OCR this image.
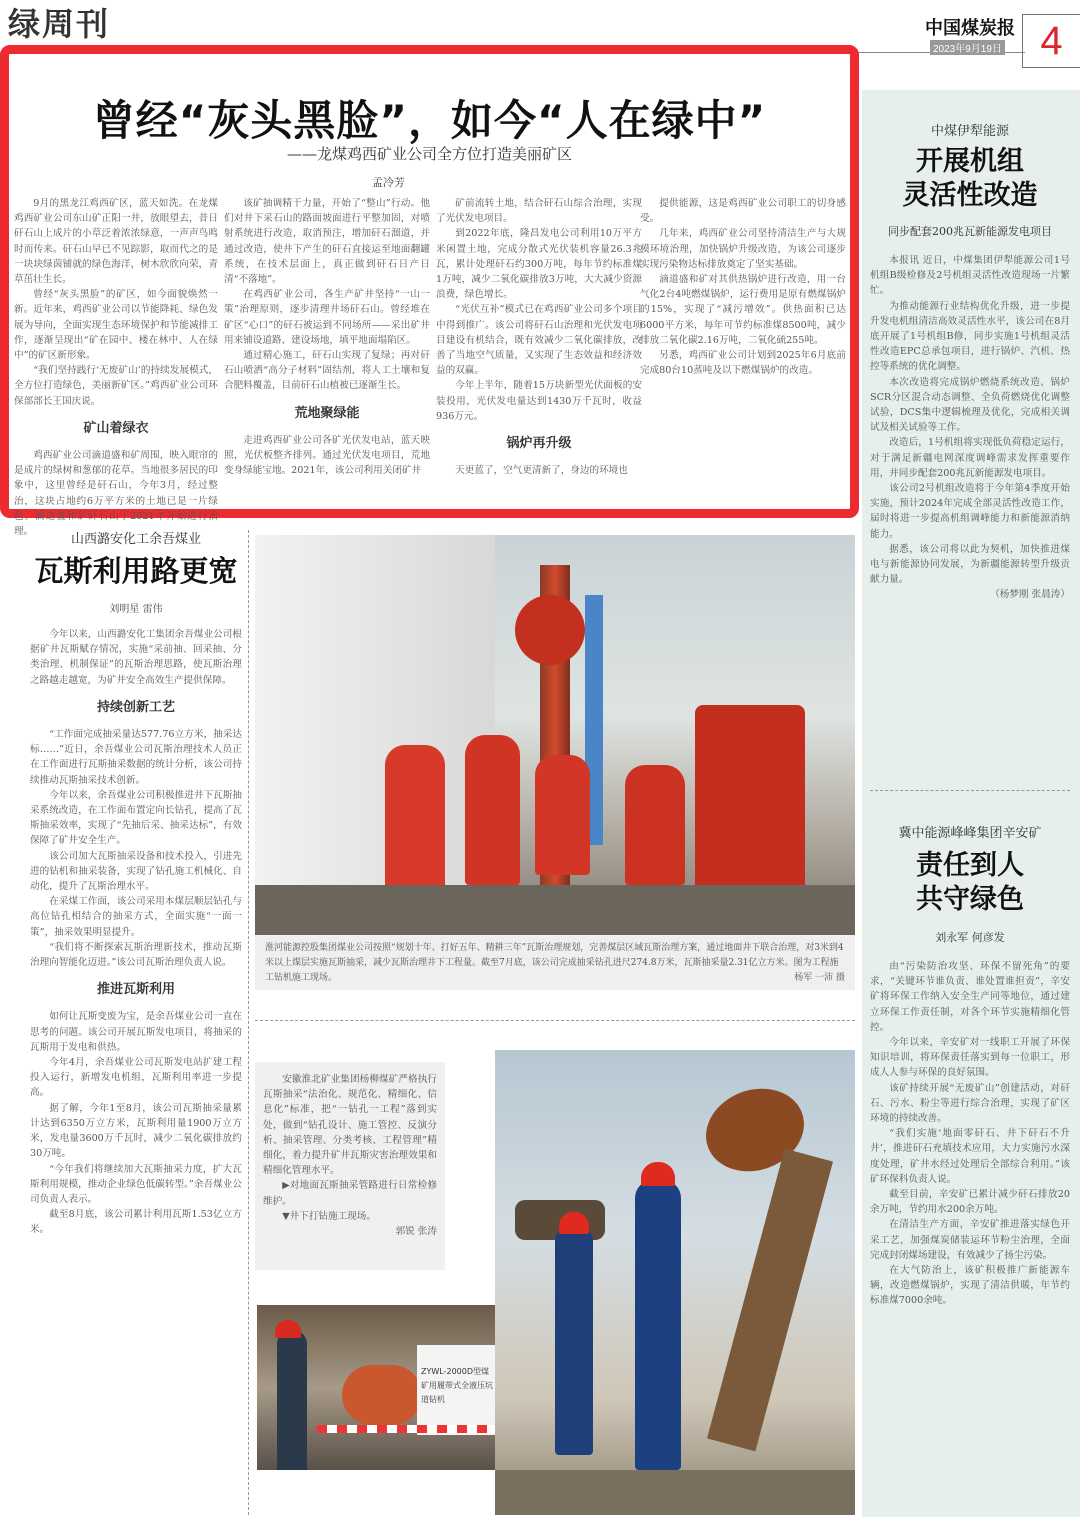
中国煤炭报
2023年9月19日 4
绿周刊
曾经“灰头黑脸”，如今“人在绿中”
——龙煤鸡西矿业公司全方位打造美丽矿区
孟冷芳

9月的黑龙江鸡西矿区，蓝天如洗。在龙煤鸡西矿业公司东山矿正阳一井，放眼望去，昔日矸石山上成片的小草泛着浓浓绿意，一声声鸟鸣时而传来。矸石山早已不见踪影，取而代之的是一块块绿茵铺就的绿色海洋，树木欣欣向荣，青草茁壮生长。

曾经“灰头黑脸”的矿区，如今面貌焕然一新。近年来，鸡西矿业公司以节能降耗、绿色发展为导向，全面实现生态环境保护和节能减排工作，逐渐呈现出“矿在园中、楼在林中、人在绿中”的矿区新形象。

“我们坚持践行‘无废矿山’的持续发展模式，全方位打造绿色，美丽新矿区。”鸡西矿业公司环保部部长王国庆说。

矿山着绿衣

鸡西矿业公司滴道盛和矿周围，映入眼帘的是成片的绿树和葱郁的花草。当地很多居民的印象中，这里曾经是矸石山，今年3月，经过整治，这块占地约6万平方米的土地已是一片绿色。滴道盛和矿矸石山于2021年开始进行治理。

该矿抽调精干力量，开始了“整山”行动。他们对井下采石山的路面坡面进行平整加固，对喷射系统进行改造，取消预注，增加矸石溜道，并通过改造，使井下产生的矸石直接运至地面翻罐系统，在技术层面上，真正做到矸石日产日清“不落地”。

在鸡西矿业公司，各生产矿井坚持“一山一策”治理原则，逐步清理井场矸石山。曾经堆在矿区“心口”的矸石被运到不同场所——采出矿井用来铺设道路、建设场地，填平地面塌陷区。

通过精心施工，矸石山实现了复绿；再对矸石山喷洒“高分子材料”固结剂，将人工土壤和复合肥料覆盖，目前矸石山植被已逐渐生长。

荒地聚绿能

走进鸡西矿业公司各矿光伏发电站，蓝天映照，光伏板整齐排列。通过光伏发电项目，荒地变身绿能宝地。2021年，该公司利用关闭矿井

矿前流转土地，结合矸石山综合治理，实现了光伏发电项目。

到2022年底，隆昌发电公司利用10万平方米闲置土地，完成分散式光伏装机容量26.3兆瓦，累计处理矸石约300万吨，每年节约标准煤1万吨，减少二氧化碳排放3万吨，大大减少资源浪费，绿色增长。

“光伏互补”模式已在鸡西矿业公司多个项目中得到推广。该公司将矸石山治理和光伏发电项目建设有机结合，既有效减少二氧化碳排放，改善了当地空气质量，又实现了生态效益和经济效益的双赢。

今年上半年，随着15万块新型光伏面板的安装投用，光伏发电量达到1430万千瓦时，收益936万元。

锅炉再升级

天更蓝了，空气更清新了，身边的环境也

提供能源，这是鸡西矿业公司职工的切身感受。

几年来，鸡西矿业公司坚持清洁生产与大规模环境治理，加快锅炉升级改造，为该公司逐步实现污染物达标排放奠定了坚实基础。

滴道盛和矿对其供热锅炉进行改造，用一台气化2台4吨燃煤锅炉，运行费用是原有燃煤锅炉的15%，实现了“减污增效”。供热面积已达6000平方米，每年可节约标准煤8500吨，减少排放二氧化碳2.16万吨，二氧化硫255吨。

另悉，鸡西矿业公司计划到2025年6月底前完成80台10蒸吨及以下燃煤锅炉的改造。

中煤伊犁能源
开展机组
灵活性改造
同步配套200兆瓦新能源发电项目

本报讯 近日，中煤集团伊犁能源公司1号机组B级检修及2号机组灵活性改造现场一片繁忙。

为推动能源行业结构优化升级，进一步提升发电机组清洁高效灵活性水平，该公司在8月底开展了1号机组B修，同步实施1号机组灵活性改造EPC总承包项目，进行锅炉、汽机、热控等系统的优化调整。

本次改造将完成锅炉燃烧系统改造、锅炉SCR分区混合动态调整、全负荷燃烧优化调整试验，DCS集中逻辑梳理及优化，完成相关调试及相关试验等工作。

改造后，1号机组将实现低负荷稳定运行，对于满足新疆电网深度调峰需求发挥重要作用，并同步配套200兆瓦新能源发电项目。

该公司2号机组改造将于今年第4季度开始实施，预计2024年完成全部灵活性改造工作，届时将进一步提高机组调峰能力和新能源消纳能力。

据悉，该公司将以此为契机，加快推进煤电与新能源协同发展，为新疆能源转型升级贡献力量。

（杨梦刚 张晨涛）
冀中能源峰峰集团辛安矿
责任到人
共守绿色
刘永军 何彦发

由“污染防治攻坚、环保不留死角”的要求，“关键环节谁负责、谁处置谁担责”，辛安矿将环保工作纳入安全生产同等地位，通过建立环保工作责任制，对各个环节实施精细化管控。

今年以来，辛安矿对一线职工开展了环保知识培训，将环保责任落实到每一位职工，形成人人参与环保的良好氛围。

该矿持续开展“无废矿山”创建活动，对矸石、污水、粉尘等进行综合治理，实现了矿区环境的持续改善。

“我们实施‘地面零矸石、井下矸石不升井’，推进矸石充填技术应用，大力实施污水深度处理，矿井水经过处理后全部综合利用。”该矿环保科负责人说。

截至目前，辛安矿已累计减少矸石排放20余万吨，节约用水200余万吨。

在清洁生产方面，辛安矿推进落实绿色开采工艺，加强煤炭储装运环节粉尘治理，全面完成封闭煤场建设，有效减少了扬尘污染。

在大气防治上，该矿积极推广新能源车辆，改造燃煤锅炉，实现了清洁供暖，年节约标准煤7000余吨。

山西潞安化工余吾煤业
瓦斯利用路更宽
刘明星 雷伟

今年以来，山西潞安化工集团余吾煤业公司根据矿井瓦斯赋存情况，实施“采前抽、回采抽、分类治理、机制保证”的瓦斯治理思路，使瓦斯治理之路越走越宽，为矿井安全高效生产提供保障。

持续创新工艺

“工作面完成抽采量达577.76立方米，抽采达标……”近日，余吾煤业公司瓦斯治理技术人员正在工作面进行瓦斯抽采数据的统计分析，该公司持续推动瓦斯抽采技术创新。

今年以来，余吾煤业公司积极推进井下瓦斯抽采系统改造，在工作面布置定向长钻孔，提高了瓦斯抽采效率，实现了“先抽后采、抽采达标”，有效保障了矿井安全生产。

该公司加大瓦斯抽采设备和技术投入，引进先进的钻机和抽采装备，实现了钻孔施工机械化、自动化，提升了瓦斯治理水平。

在采煤工作面，该公司采用本煤层顺层钻孔与高位钻孔相结合的抽采方式，全面实施“一面一策”，抽采效果明显提升。

“我们将不断探索瓦斯治理新技术，推动瓦斯治理向智能化迈进。”该公司瓦斯治理负责人说。

推进瓦斯利用

如何让瓦斯变废为宝，是余吾煤业公司一直在思考的问题。该公司开展瓦斯发电项目，将抽采的瓦斯用于发电和供热。

今年4月，余吾煤业公司瓦斯发电站扩建工程投入运行，新增发电机组，瓦斯利用率进一步提高。

据了解，今年1至8月，该公司瓦斯抽采量累计达到6350万立方米，瓦斯利用量1900万立方米，发电量3600万千瓦时，减少二氧化碳排放约30万吨。

“今年我们将继续加大瓦斯抽采力度，扩大瓦斯利用规模，推动企业绿色低碳转型。”余吾煤业公司负责人表示。

截至8月底，该公司累计利用瓦斯1.53亿立方米。

淮河能源控股集团煤业公司按照“规划十年、打好五年、精耕三年”瓦斯治理规划，完善煤层区域瓦斯治理方案，通过地面井下联合治理，对3米到4米以上煤层实施瓦斯抽采，减少瓦斯治理井下工程量。截至7月底，该公司完成抽采钻孔进尺274.8万米，瓦斯抽采量2.31亿立方米。图为工程施工钻机施工现场。	杨军 一沛 摄

安徽淮北矿业集团杨柳煤矿严格执行瓦斯抽采“法治化、规范化、精细化、信息化”标准，把“一钻孔一工程”落到实处，做到“钻孔设计、施工管控、反演分析、抽采管理、分类考核、工程管理”精细化，着力提升矿井瓦斯灾害治理效果和精细化管理水平。

▶对地面瓦斯抽采管路进行日常检修维护。

▼井下打钻施工现场。

郭锐 张涛
ZYWL-2000D型煤矿用履带式全液压坑道钻机
